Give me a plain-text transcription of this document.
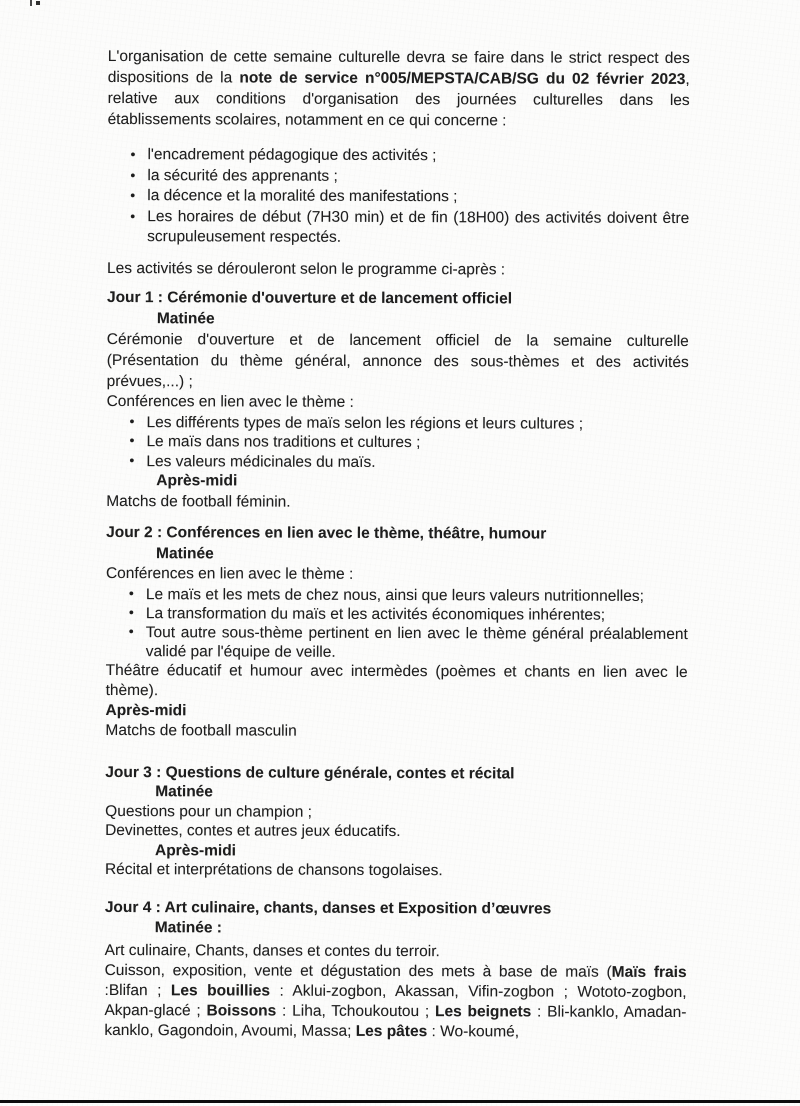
L'organisation de cette semaine culturelle devra se faire dans le strict respect des dispositions de la note de service n°005/MEPSTA/CAB/SG du 02 février 2023, relative aux conditions d'organisation des journées culturelles dans les établissements scolaires, notamment en ce qui concerne :

• l'encadrement pédagogique des activités ;
• la sécurité des apprenants ;
• la décence et la moralité des manifestations ;
• Les horaires de début (7H30 min) et de fin (18H00) des activités doivent être scrupuleusement respectés.

Les activités se dérouleront selon le programme ci-après :

Jour 1 : Cérémonie d'ouverture et de lancement officiel
Matinée

Cérémonie d'ouverture et de lancement officiel de la semaine culturelle (Présentation du thème général, annonce des sous-thèmes et des activités prévues,...) ;

Conférences en lien avec le thème :

• Les différents types de maïs selon les régions et leurs cultures ;
• Le maïs dans nos traditions et cultures ;
• Les valeurs médicinales du maïs.
Après-midi

Matchs de football féminin.

Jour 2 : Conférences en lien avec le thème, théâtre, humour
Matinée

Conférences en lien avec le thème :

• Le maïs et les mets de chez nous, ainsi que leurs valeurs nutritionnelles;
• La transformation du maïs et les activités économiques inhérentes;
• Tout autre sous-thème pertinent en lien avec le thème général préalablement validé par l'équipe de veille.

Théâtre éducatif et humour avec intermèdes (poèmes et chants en lien avec le thème).

Après-midi

Matchs de football masculin

Jour 3 : Questions de culture générale, contes et récital
Matinée

Questions pour un champion ;

Devinettes, contes et autres jeux éducatifs.

Après-midi

Récital et interprétations de chansons togolaises.

Jour 4 : Art culinaire, chants, danses et Exposition d’œuvres
Matinée :

Art culinaire, Chants, danses et contes du terroir.

Cuisson, exposition, vente et dégustation des mets à base de maïs (Maïs frais :Blifan ; Les bouillies : Aklui-zogbon, Akassan, Vifin-zogbon ; Wototo-zogbon, Akpan-glacé ; Boissons : Liha, Tchoukoutou ; Les beignets : Bli-kanklo, Amadan-kanklo, Gagondoin, Avoumi, Massa; Les pâtes : Wo-koumé,
